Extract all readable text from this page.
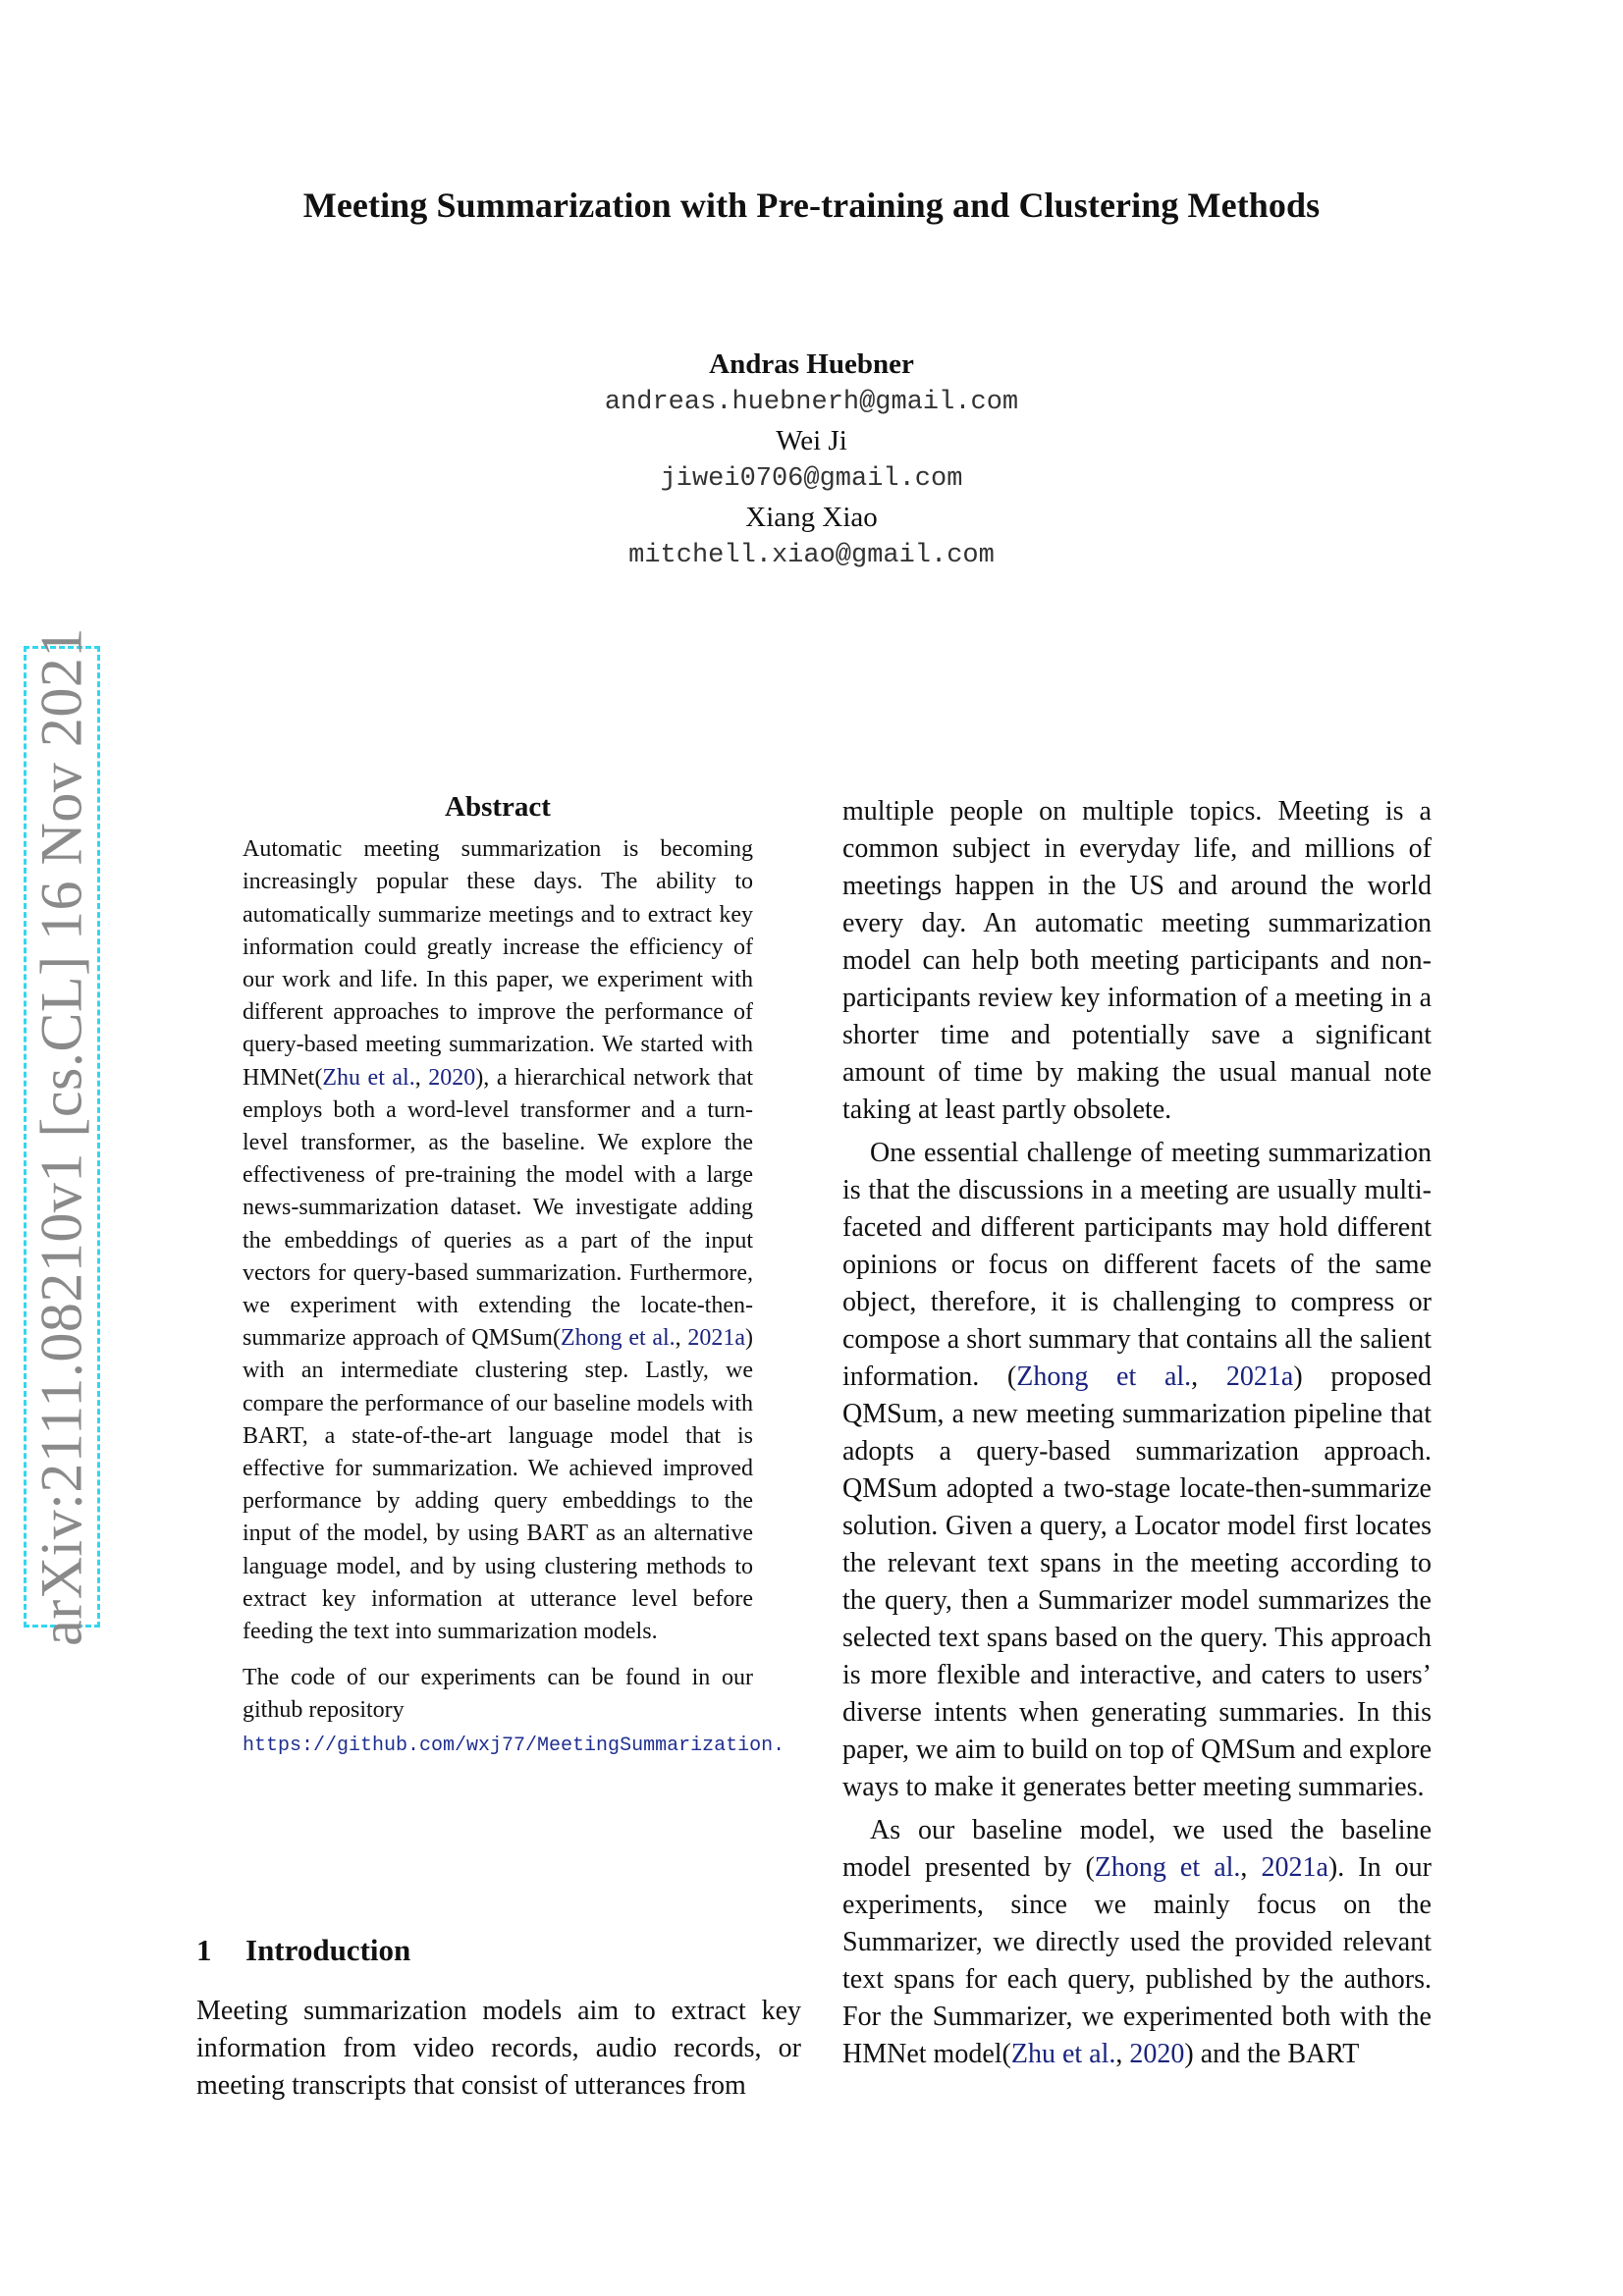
Meeting Summarization with Pre-training and Clustering Methods
Andras Huebner
andreas.huebnerh@gmail.com
Wei Ji
jiwei0706@gmail.com
Xiang Xiao
mitchell.xiao@gmail.com
arXiv:2111.08210v1 [cs.CL] 16 Nov 2021	Abstract

Automatic meeting summarization is becoming increasingly popular these days. The ability to automatically summarize meetings and to extract key information could greatly increase the efficiency of our work and life. In this paper, we experiment with different approaches to improve the performance of query-based meeting summarization. We started with HMNet(Zhu et al., 2020), a hierarchical network that employs both a word-level transformer and a turn-level transformer, as the baseline. We explore the effectiveness of pre-training the model with a large news-summarization dataset. We investigate adding the embeddings of queries as a part of the input vectors for query-based summarization. Furthermore, we experiment with extending the locate-then-summarize approach of QMSum(Zhong et al., 2021a) with an intermediate clustering step. Lastly, we compare the performance of our baseline models with BART, a state-of-the-art language model that is effective for summarization. We achieved improved performance by adding query embeddings to the input of the model, by using BART as an alternative language model, and by using clustering methods to extract key information at utterance level before feeding the text into summarization models.

The code of our experiments can be found in our github repository
https://github.com/wxj77/MeetingSummarization.

1 Introduction

Meeting summarization models aim to extract key information from video records, audio records, or meeting transcripts that consist of utterances from

multiple people on multiple topics. Meeting is a common subject in everyday life, and millions of meetings happen in the US and around the world every day. An automatic meeting summarization model can help both meeting participants and non-participants review key information of a meeting in a shorter time and potentially save a significant amount of time by making the usual manual note taking at least partly obsolete.

One essential challenge of meeting summarization is that the discussions in a meeting are usually multi-faceted and different participants may hold different opinions or focus on different facets of the same object, therefore, it is challenging to compress or compose a short summary that contains all the salient information. (Zhong et al., 2021a) proposed QMSum, a new meeting summarization pipeline that adopts a query-based summarization approach. QMSum adopted a two-stage locate-then-summarize solution. Given a query, a Locator model first locates the relevant text spans in the meeting according to the query, then a Summarizer model summarizes the selected text spans based on the query. This approach is more flexible and interactive, and caters to users’ diverse intents when generating summaries. In this paper, we aim to build on top of QMSum and explore ways to make it generates better meeting summaries.

As our baseline model, we used the baseline model presented by (Zhong et al., 2021a). In our experiments, since we mainly focus on the Summarizer, we directly used the provided relevant text spans for each query, published by the authors. For the Summarizer, we experimented both with the HMNet model(Zhu et al., 2020) and the BART
